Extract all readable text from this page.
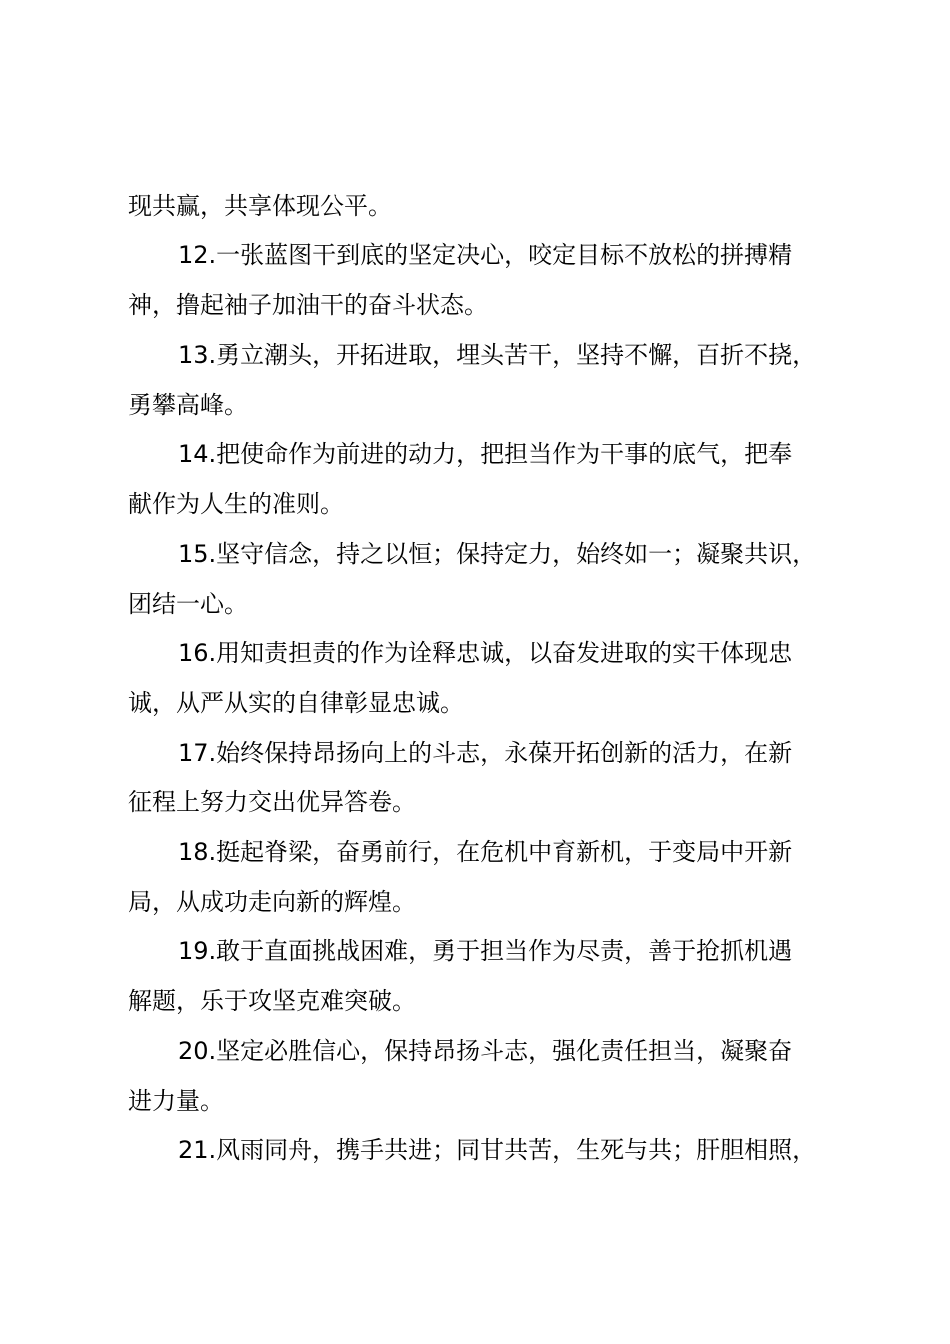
现共赢，共享体现公平。
12.一张蓝图干到底的坚定决心，咬定目标不放松的拼搏精
神，撸起袖子加油干的奋斗状态。
13.勇立潮头，开拓进取，埋头苦干，坚持不懈，百折不挠，
勇攀高峰。
14.把使命作为前进的动力，把担当作为干事的底气，把奉
献作为人生的准则。
15.坚守信念，持之以恒；保持定力，始终如一；凝聚共识，
团结一心。
16.用知责担责的作为诠释忠诚，以奋发进取的实干体现忠
诚，从严从实的自律彰显忠诚。
17.始终保持昂扬向上的斗志，永葆开拓创新的活力，在新
征程上努力交出优异答卷。
18.挺起脊梁，奋勇前行，在危机中育新机，于变局中开新
局，从成功走向新的辉煌。
19.敢于直面挑战困难，勇于担当作为尽责，善于抢抓机遇
解题，乐于攻坚克难突破。
20.坚定必胜信心，保持昂扬斗志，强化责任担当，凝聚奋
进力量。
21.风雨同舟，携手共进；同甘共苦，生死与共；肝胆相照，
